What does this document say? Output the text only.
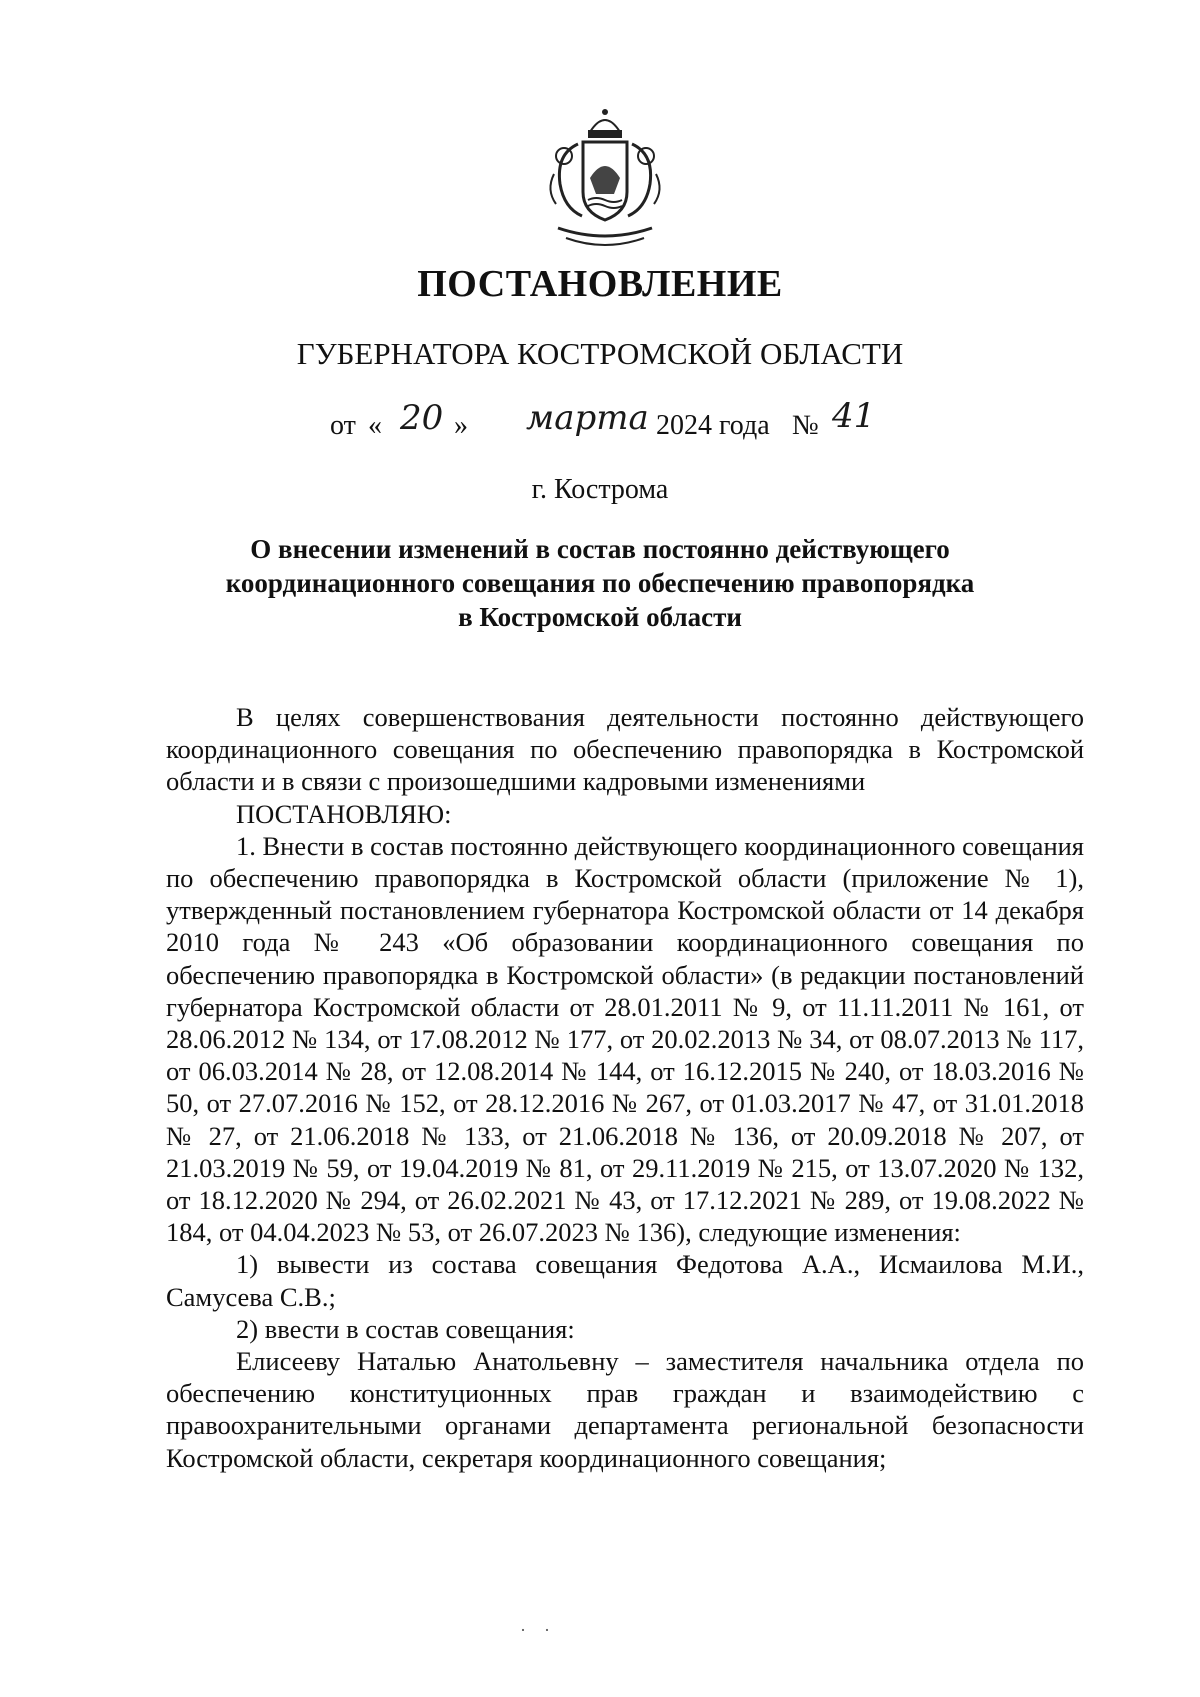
ПОСТАНОВЛЕНИЕ
ГУБЕРНАТОРА КОСТРОМСКОЙ ОБЛАСТИ
от « 20 » марта 2024 года № 41
г. Кострома
О внесении изменений в состав постоянно действующего
координационного совещания по обеспечению правопорядка
в Костромской области

В целях совершенствования деятельности постоянно действующего координационного совещания по обеспечению правопорядка в Костромской области и в связи с произошедшими кадровыми изменениями

ПОСТАНОВЛЯЮ:

1. Внести в состав постоянно действующего координационного совещания по обеспечению правопорядка в Костромской области (приложение № 1), утвержденный постановлением губернатора Костромской области от 14 декабря 2010 года № 243 «Об образовании координационного совещания по обеспечению правопорядка в Костромской области» (в редакции постановлений губернатора Костромской области от 28.01.2011 № 9, от 11.11.2011 № 161, от 28.06.2012 № 134, от 17.08.2012 № 177, от 20.02.2013 № 34, от 08.07.2013 № 117, от 06.03.2014 № 28, от 12.08.2014 № 144, от 16.12.2015 № 240, от 18.03.2016 № 50, от 27.07.2016 № 152, от 28.12.2016 № 267, от 01.03.2017 № 47, от 31.01.2018 № 27, от 21.06.2018 № 133, от 21.06.2018 № 136, от 20.09.2018 № 207, от 21.03.2019 № 59, от 19.04.2019 № 81, от 29.11.2019 № 215, от 13.07.2020 № 132, от 18.12.2020 № 294, от 26.02.2021 № 43, от 17.12.2021 № 289, от 19.08.2022 № 184, от 04.04.2023 № 53, от 26.07.2023 № 136), следующие изменения:

1) вывести из состава совещания Федотова А.А., Исмаилова М.И., Самусева С.В.;

2) ввести в состав совещания:

Елисееву Наталью Анатольевну – заместителя начальника отдела по обеспечению конституционных прав граждан и взаимодействию с правоохранительными органами департамента региональной безопасности Костромской области, секретаря координационного совещания;

·    ·
